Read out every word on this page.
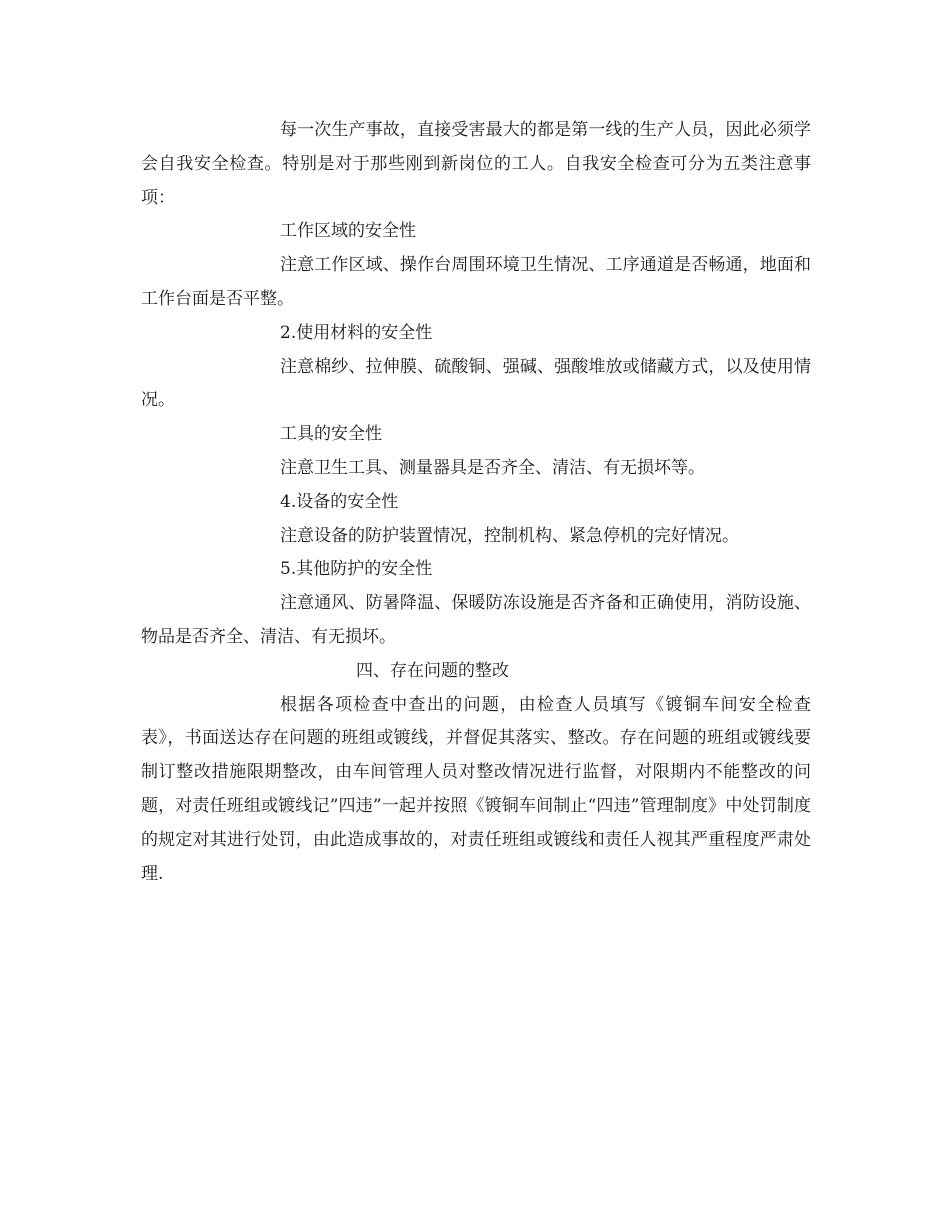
每一次生产事故，直接受害最大的都是第一线的生产人员，因此必须学会自我安全检查。特别是对于那些刚到新岗位的工人。自我安全检查可分为五类注意事项：

工作区域的安全性

注意工作区域、操作台周围环境卫生情况、工序通道是否畅通，地面和工作台面是否平整。

2.使用材料的安全性

注意棉纱、拉伸膜、硫酸铜、强碱、强酸堆放或储藏方式，以及使用情况。

工具的安全性

注意卫生工具、测量器具是否齐全、清洁、有无损坏等。

4.设备的安全性

注意设备的防护装置情况，控制机构、紧急停机的完好情况。

5.其他防护的安全性

注意通风、防暑降温、保暖防冻设施是否齐备和正确使用，消防设施、物品是否齐全、清洁、有无损坏。

四、存在问题的整改

根据各项检查中查出的问题，由检查人员填写《镀铜车间安全检查表》，书面送达存在问题的班组或镀线，并督促其落实、整改。存在问题的班组或镀线要制订整改措施限期整改，由车间管理人员对整改情况进行监督，对限期内不能整改的问题，对责任班组或镀线记”四违”一起并按照《镀铜车间制止“四违”管理制度》中处罚制度的规定对其进行处罚，由此造成事故的，对责任班组或镀线和责任人视其严重程度严肃处理.
